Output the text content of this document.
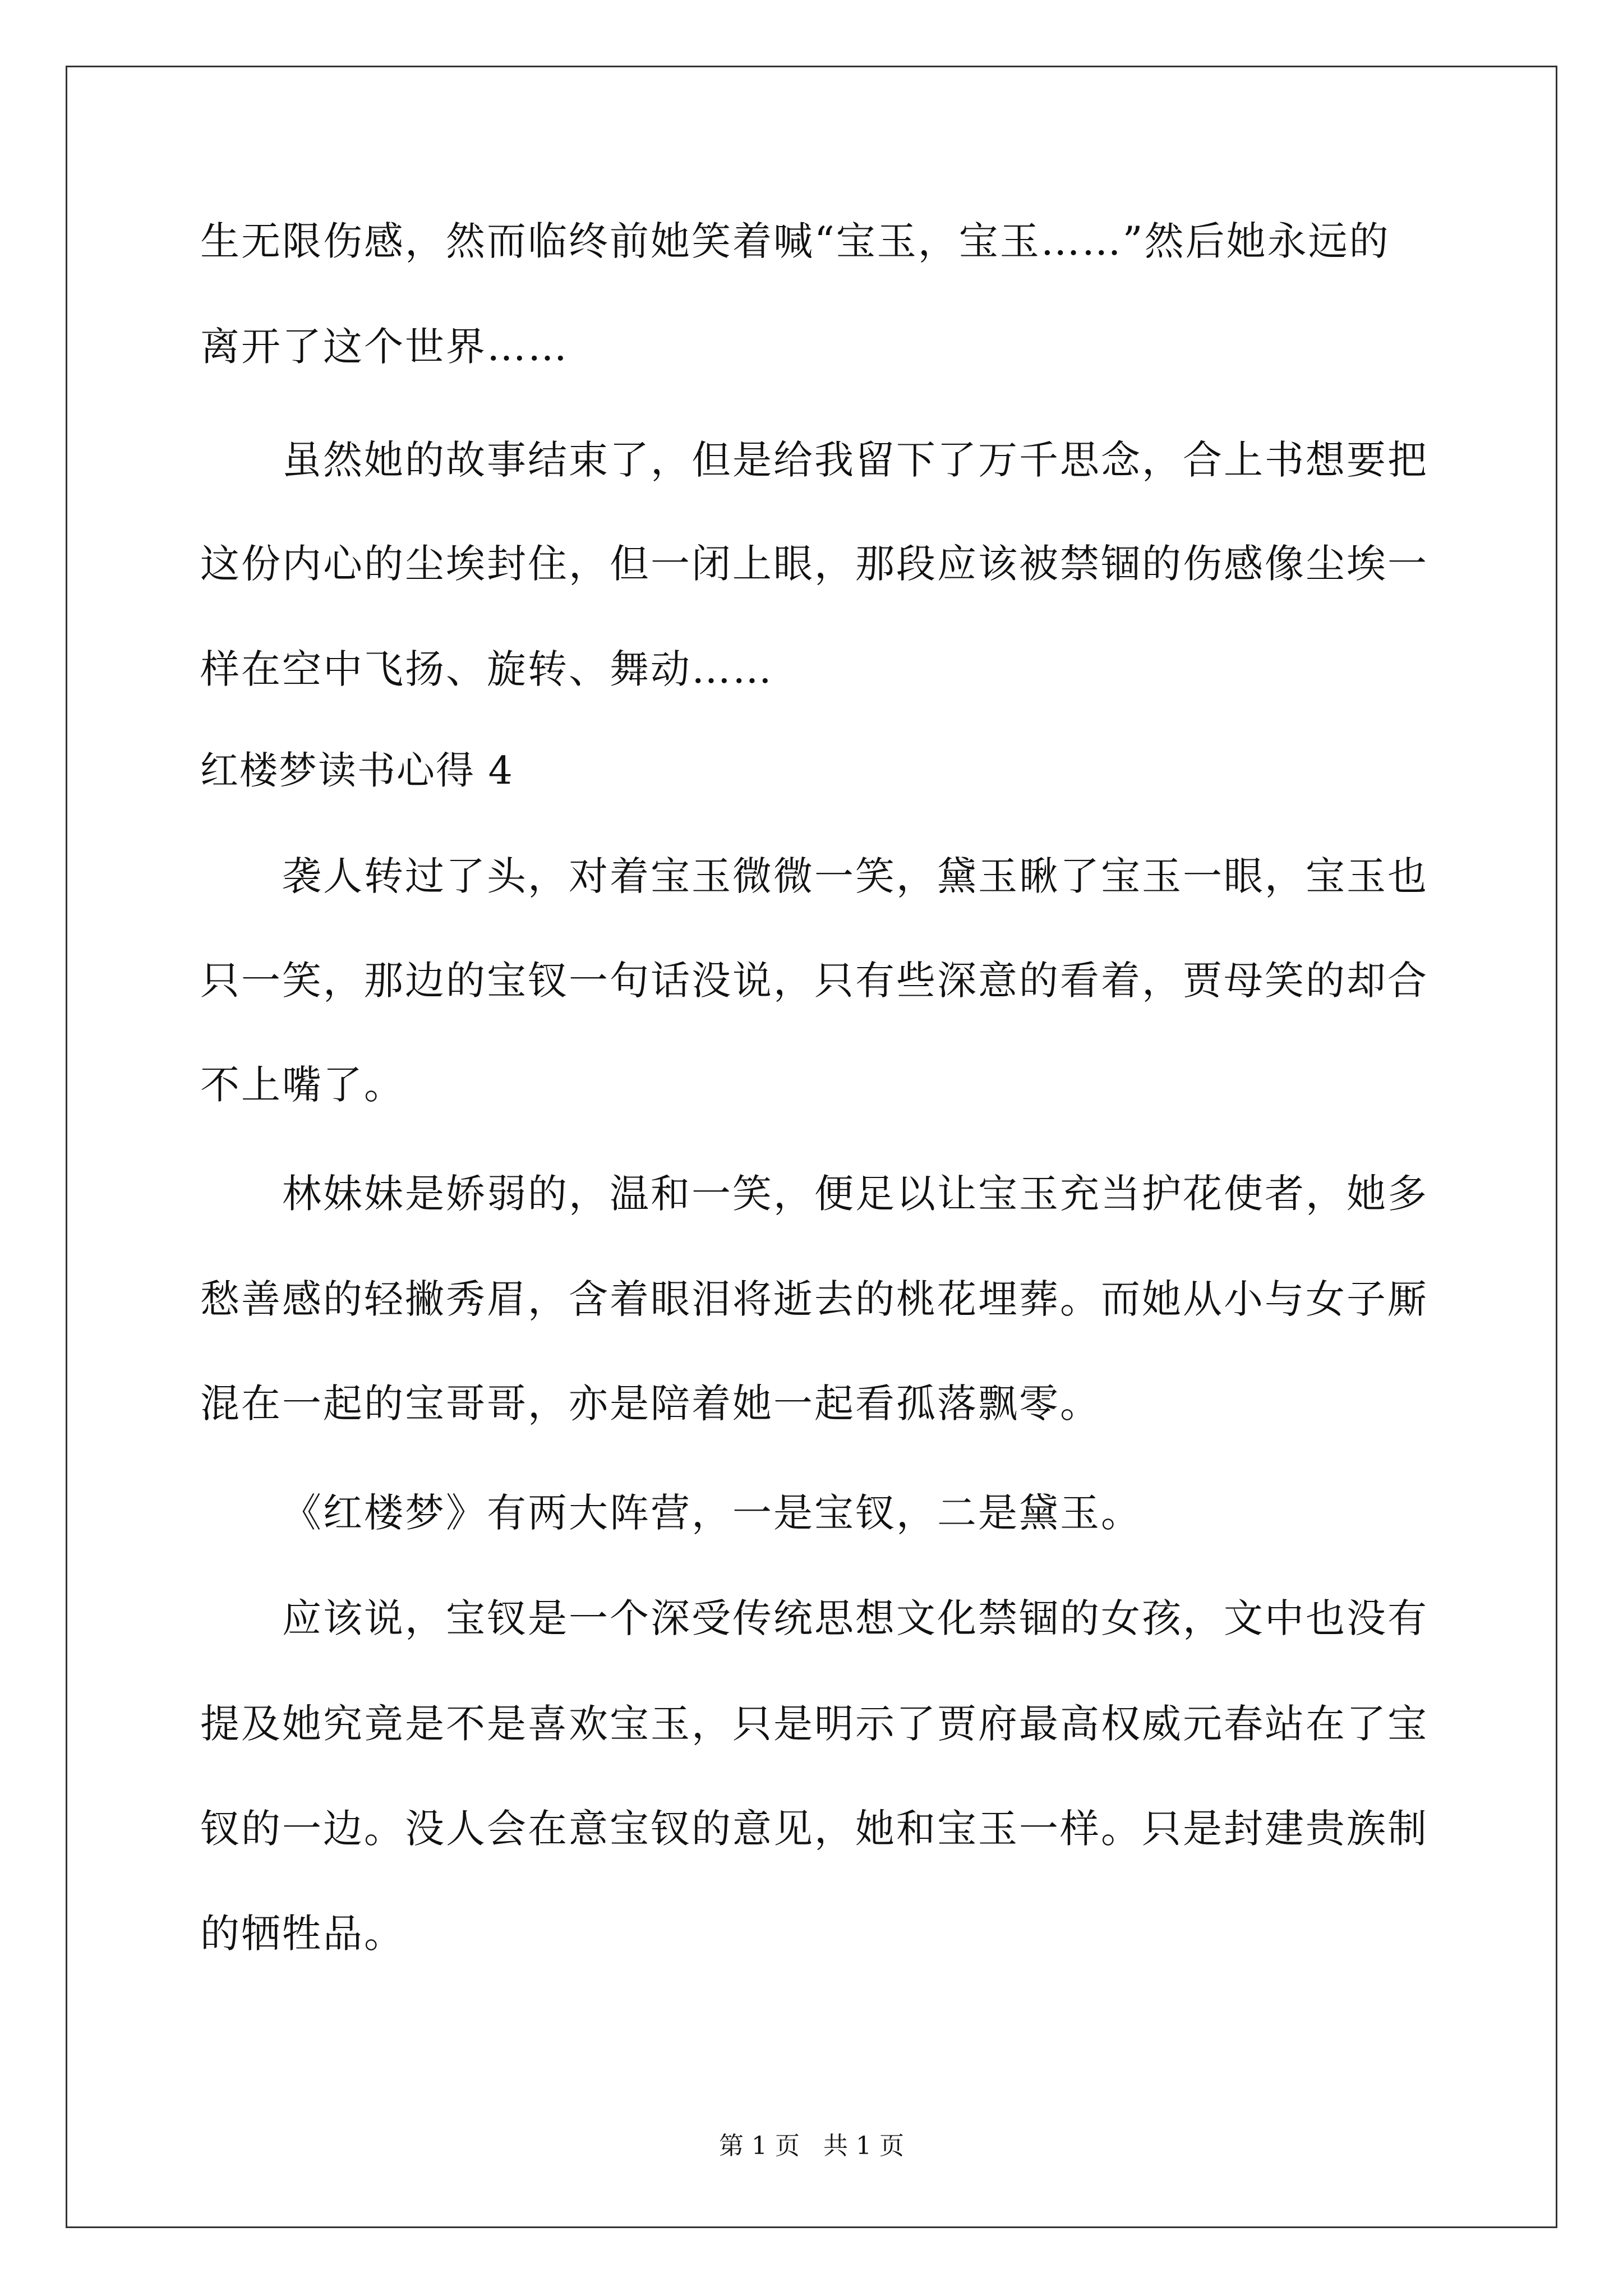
生无限伤感，然而临终前她笑着喊“宝玉，宝玉……”然后她永远的
离开了这个世界……
虽然她的故事结束了，但是给我留下了万千思念，合上书想要把
这份内心的尘埃封住，但一闭上眼，那段应该被禁锢的伤感像尘埃一
样在空中飞扬、旋转、舞动……
红楼梦读书心得 4
袭人转过了头，对着宝玉微微一笑，黛玉瞅了宝玉一眼，宝玉也
只一笑，那边的宝钗一句话没说，只有些深意的看着，贾母笑的却合
不上嘴了。
林妹妹是娇弱的，温和一笑，便足以让宝玉充当护花使者，她多
愁善感的轻撇秀眉，含着眼泪将逝去的桃花埋葬。而她从小与女子厮
混在一起的宝哥哥，亦是陪着她一起看孤落飘零。
《红楼梦》有两大阵营，一是宝钗，二是黛玉。
应该说，宝钗是一个深受传统思想文化禁锢的女孩，文中也没有
提及她究竟是不是喜欢宝玉，只是明示了贾府最高权威元春站在了宝
钗的一边。没人会在意宝钗的意见，她和宝玉一样。只是封建贵族制
的牺牲品。
第 1 页   共 1 页
